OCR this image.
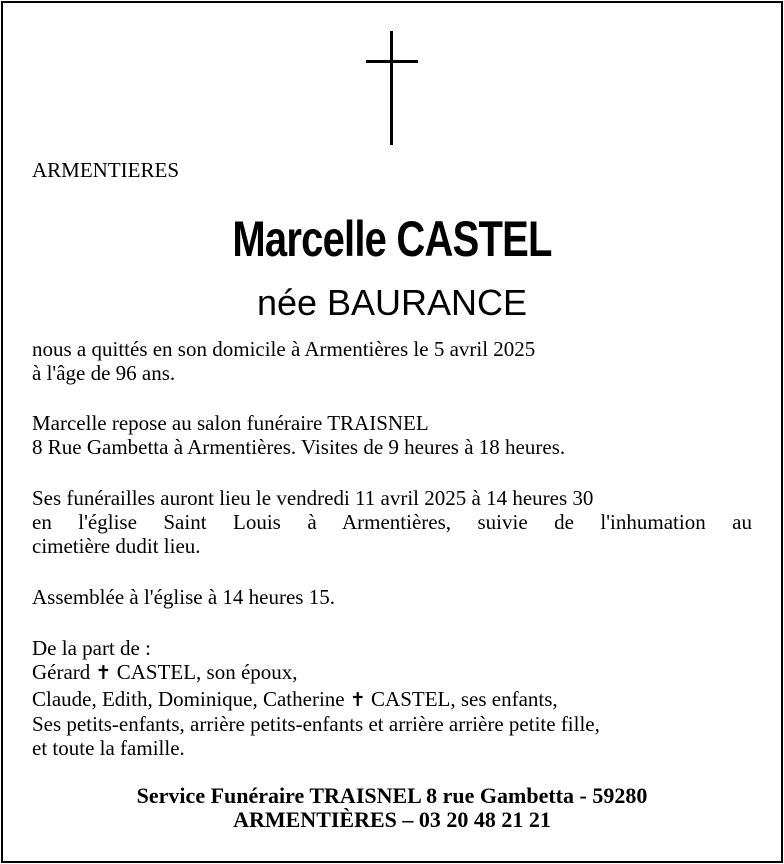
ARMENTIERES

Marcelle CASTEL
née BAURANCE

nous a quittés en son domicile à Armentières le 5 avril 2025

à l'âge de 96 ans.

Marcelle repose au salon funéraire TRAISNEL

8 Rue Gambetta à Armentières. Visites de 9 heures à 18 heures.

Ses funérailles auront lieu le vendredi 11 avril 2025 à 14 heures 30

en l'église Saint Louis à Armentières, suivie de l'inhumation au

cimetière dudit lieu.

Assemblée à l'église à 14 heures 15.

De la part de :

Gérard ✝ CASTEL, son époux,

Claude, Edith, Dominique, Catherine ✝ CASTEL, ses enfants,

Ses petits-enfants, arrière petits-enfants et arrière arrière petite fille,

et toute la famille.

Service Funéraire TRAISNEL 8 rue Gambetta - 59280

ARMENTIÈRES – 03 20 48 21 21
